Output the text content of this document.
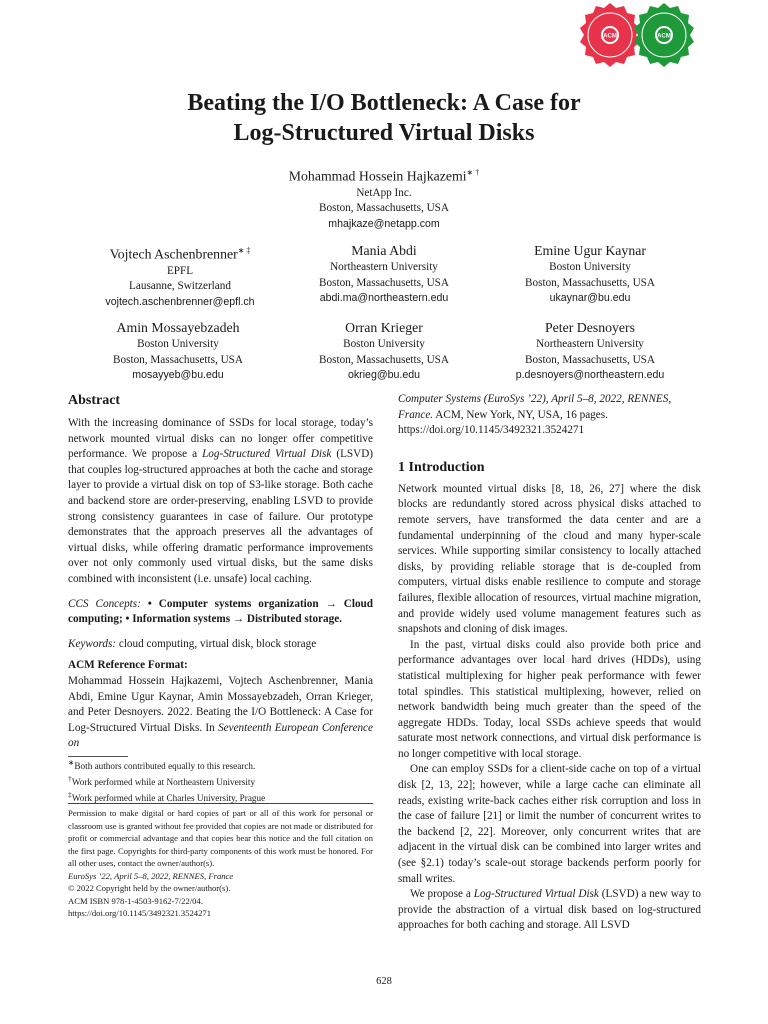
ACM	ACM
Beating the I/O Bottleneck: A Case for
Log-Structured Virtual Disks
Mohammad Hossein Hajkazemi∗ †
NetApp Inc.
Boston, Massachusetts, USA
mhajkaze@netapp.com
Vojtech Aschenbrenner∗ ‡
EPFL
Lausanne, Switzerland
vojtech.aschenbrenner@epfl.ch
Mania Abdi
Northeastern University
Boston, Massachusetts, USA
abdi.ma@northeastern.edu
Emine Ugur Kaynar
Boston University
Boston, Massachusetts, USA
ukaynar@bu.edu
Amin Mossayebzadeh
Boston University
Boston, Massachusetts, USA
mosayyeb@bu.edu
Orran Krieger
Boston University
Boston, Massachusetts, USA
okrieg@bu.edu
Peter Desnoyers
Northeastern University
Boston, Massachusetts, USA
p.desnoyers@northeastern.edu
Abstract

With the increasing dominance of SSDs for local storage, today’s network mounted virtual disks can no longer offer competitive performance. We propose a Log-Structured Virtual Disk (LSVD) that couples log-structured approaches at both the cache and storage layer to provide a virtual disk on top of S3-like storage. Both cache and backend store are order-preserving, enabling LSVD to provide strong consistency guarantees in case of failure. Our prototype demonstrates that the approach preserves all the advantages of virtual disks, while offering dramatic performance improvements over not only commonly used virtual disks, but the same disks combined with inconsistent (i.e. unsafe) local caching.

CCS Concepts: • Computer systems organization → Cloud computing; • Information systems → Distributed storage.

Keywords: cloud computing, virtual disk, block storage

ACM Reference Format:

Mohammad Hossein Hajkazemi, Vojtech Aschenbrenner, Mania Abdi, Emine Ugur Kaynar, Amin Mossayebzadeh, Orran Krieger, and Peter Desnoyers. 2022. Beating the I/O Bottleneck: A Case for Log-Structured Virtual Disks. In Seventeenth European Conference on

∗Both authors contributed equally to this research.
†Work performed while at Northeastern University
‡Work performed while at Charles University, Prague
Permission to make digital or hard copies of part or all of this work for personal or classroom use is granted without fee provided that copies are not made or distributed for profit or commercial advantage and that copies bear this notice and the full citation on the first page. Copyrights for third-party components of this work must be honored. For all other uses, contact the owner/author(s).
EuroSys ’22, April 5–8, 2022, RENNES, France
© 2022 Copyright held by the owner/author(s).
ACM ISBN 978-1-4503-9162-7/22/04.
https://doi.org/10.1145/3492321.3524271

Computer Systems (EuroSys ’22), April 5–8, 2022, RENNES, France. ACM, New York, NY, USA, 16 pages. https://doi.org/10.1145/3492321.3524271

1 Introduction

Network mounted virtual disks [8, 18, 26, 27] where the disk blocks are redundantly stored across physical disks attached to remote servers, have transformed the data center and are a fundamental underpinning of the cloud and many hyper-scale services. While supporting similar consistency to locally attached disks, by providing reliable storage that is de-coupled from computers, virtual disks enable resilience to compute and storage failures, flexible allocation of resources, virtual machine migration, and provide widely used volume management features such as snapshots and cloning of disk images.

In the past, virtual disks could also provide both price and performance advantages over local hard drives (HDDs), using statistical multiplexing for higher peak performance with fewer total spindles. This statistical multiplexing, however, relied on network bandwidth being much greater than the speed of the aggregate HDDs. Today, local SSDs achieve speeds that would saturate most network connections, and virtual disk performance is no longer competitive with local storage.

One can employ SSDs for a client-side cache on top of a virtual disk [2, 13, 22]; however, while a large cache can eliminate all reads, existing write-back caches either risk corruption and loss in the case of failure [21] or limit the number of concurrent writes to the backend [2, 22]. Moreover, only concurrent writes that are adjacent in the virtual disk can be combined into larger writes and (see §2.1) today’s scale-out storage backends perform poorly for small writes.

We propose a Log-Structured Virtual Disk (LSVD) a new way to provide the abstraction of a virtual disk based on log-structured approaches for both caching and storage. All LSVD

628
